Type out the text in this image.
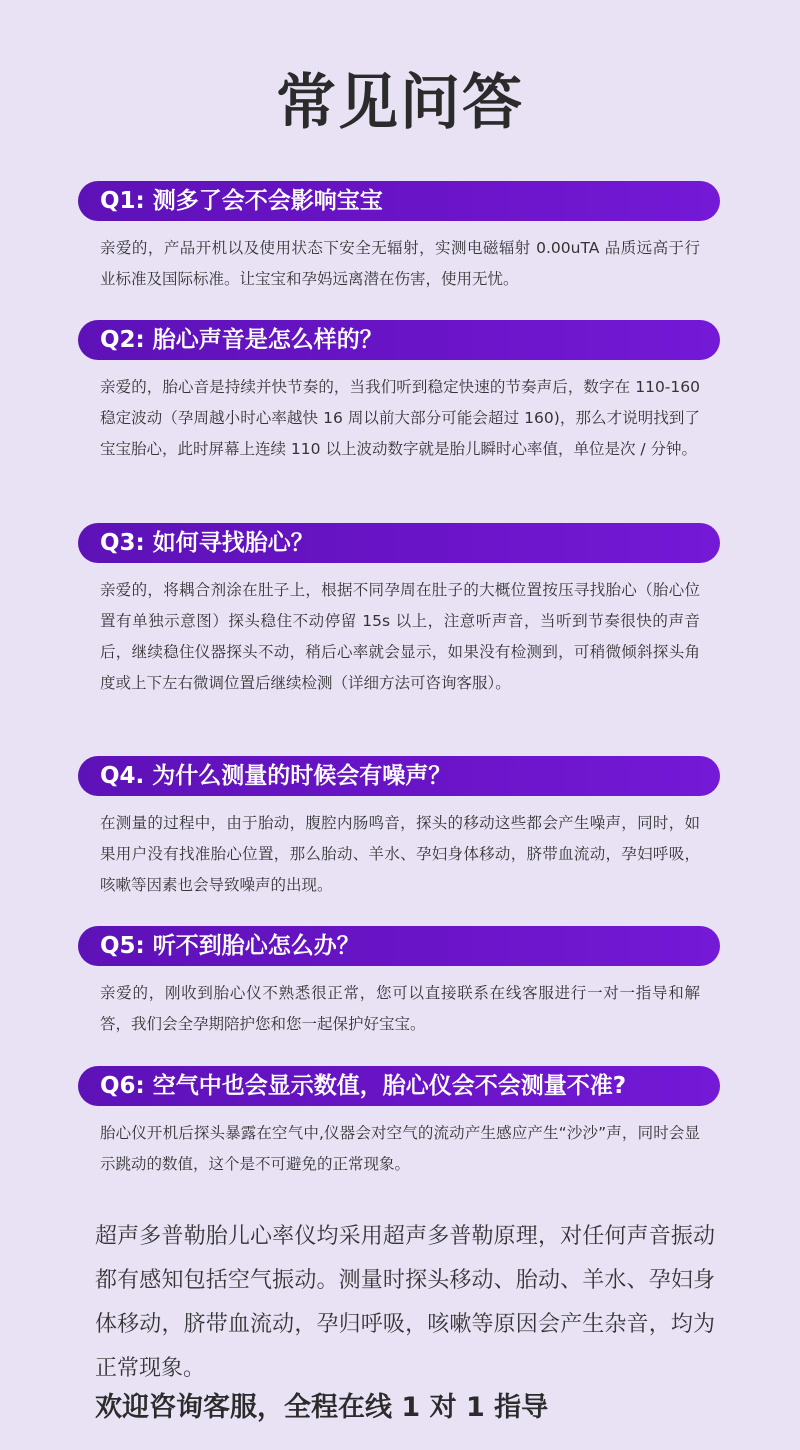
常见问答
Q1: 测多了会不会影响宝宝

亲爱的，产品开机以及使用状态下安全无辐射，实测电磁辐射 0.00uTA 品质远高于行业标准及国际标准。让宝宝和孕妈远离潜在伤害，使用无忧。

Q2: 胎心声音是怎么样的？

亲爱的，胎心音是持续并快节奏的，当我们听到稳定快速的节奏声后，数字在 110-160 稳定波动（孕周越小时心率越快 16 周以前大部分可能会超过 160)，那么才说明找到了宝宝胎心，此时屏幕上连续 110 以上波动数字就是胎儿瞬时心率值，单位是次 / 分钟。

Q3: 如何寻找胎心？

亲爱的，将耦合剂涂在肚子上，根据不同孕周在肚子的大概位置按压寻找胎心（胎心位置有单独示意图）探头稳住不动停留 15s 以上，注意听声音，当听到节奏很快的声音后，继续稳住仪器探头不动，稍后心率就会显示，如果没有检测到，可稍微倾斜探头角度或上下左右微调位置后继续检测（详细方法可咨询客服）。

Q4. 为什么测量的时候会有噪声？

在测量的过程中，由于胎动，腹腔内肠鸣音，探头的移动这些都会产生噪声，同时，如果用户没有找准胎心位置，那么胎动、羊水、孕妇身体移动，脐带血流动，孕妇呼吸，咳嗽等因素也会导致噪声的出现。

Q5: 听不到胎心怎么办？

亲爱的，刚收到胎心仪不熟悉很正常，您可以直接联系在线客服进行一对一指导和解答，我们会全孕期陪护您和您一起保护好宝宝。

Q6: 空气中也会显示数值，胎心仪会不会测量不准?

胎心仪开机后探头暴露在空气中,仪器会对空气的流动产生感应产生“沙沙”声，同时会显示跳动的数值，这个是不可避免的正常现象。

超声多普勒胎儿心率仪均采用超声多普勒原理，对任何声音振动都有感知包括空气振动。测量时探头移动、胎动、羊水、孕妇身体移动，脐带血流动，孕归呼吸，咳嗽等原因会产生杂音，均为正常现象。

欢迎咨询客服，全程在线 1 对 1 指导
